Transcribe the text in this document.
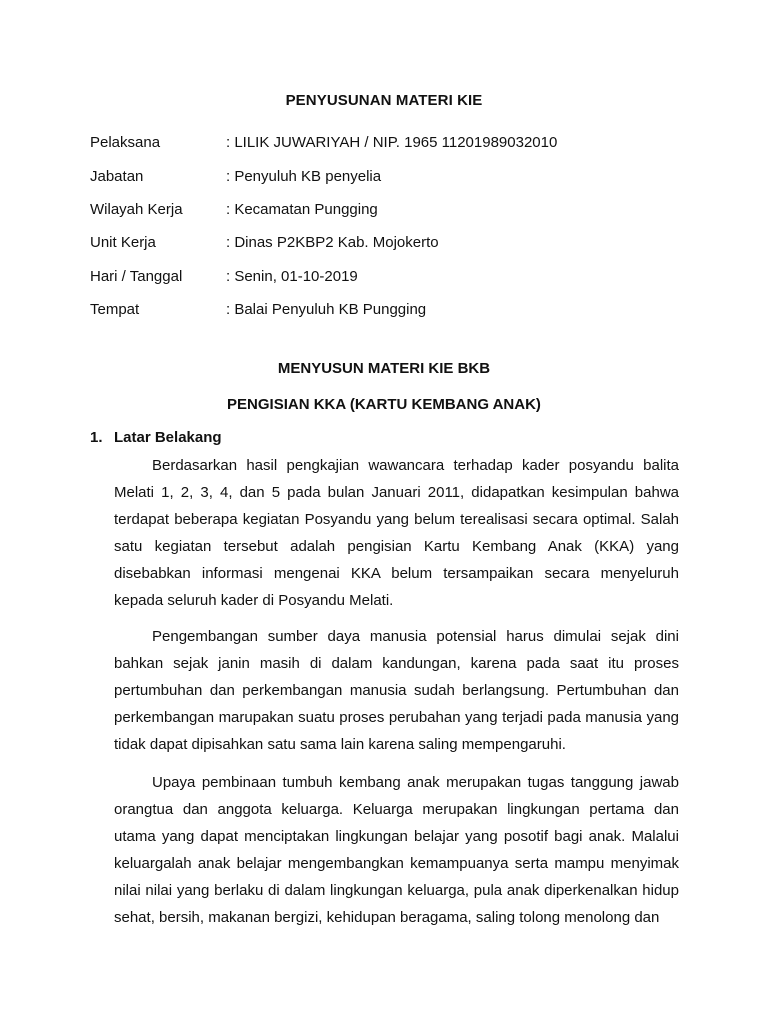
PENYUSUNAN MATERI KIE
Pelaksana	: LILIK JUWARIYAH / NIP. 1965 11201989032010
Jabatan	: Penyuluh KB penyelia
Wilayah Kerja	: Kecamatan Pungging
Unit Kerja	: Dinas P2KBP2 Kab. Mojokerto
Hari / Tanggal	: Senin, 01-10-2019
Tempat	: Balai Penyuluh KB Pungging
MENYUSUN MATERI KIE BKB
PENGISIAN KKA (KARTU KEMBANG ANAK)
1. Latar Belakang

Berdasarkan hasil pengkajian wawancara terhadap kader posyandu balita Melati 1, 2, 3, 4, dan 5 pada bulan Januari 2011, didapatkan kesimpulan bahwa terdapat beberapa kegiatan Posyandu yang belum terealisasi secara optimal. Salah satu kegiatan tersebut adalah pengisian Kartu Kembang Anak (KKA) yang disebabkan informasi mengenai KKA belum tersampaikan secara menyeluruh kepada seluruh kader di Posyandu Melati.

Pengembangan sumber daya manusia potensial harus dimulai sejak dini bahkan sejak janin masih di dalam kandungan, karena pada saat itu proses pertumbuhan dan perkembangan manusia sudah berlangsung. Pertumbuhan dan perkembangan marupakan suatu proses perubahan yang terjadi pada manusia yang tidak dapat dipisahkan satu sama lain karena saling mempengaruhi.

Upaya pembinaan tumbuh kembang anak merupakan tugas tanggung jawab orangtua dan anggota keluarga. Keluarga merupakan lingkungan pertama dan utama yang dapat menciptakan lingkungan belajar yang posotif bagi anak. Malalui keluargalah anak belajar mengembangkan kemampuanya serta mampu menyimak nilai nilai yang berlaku di dalam lingkungan keluarga, pula anak diperkenalkan hidup sehat, bersih, makanan bergizi, kehidupan beragama, saling tolong menolong dan
